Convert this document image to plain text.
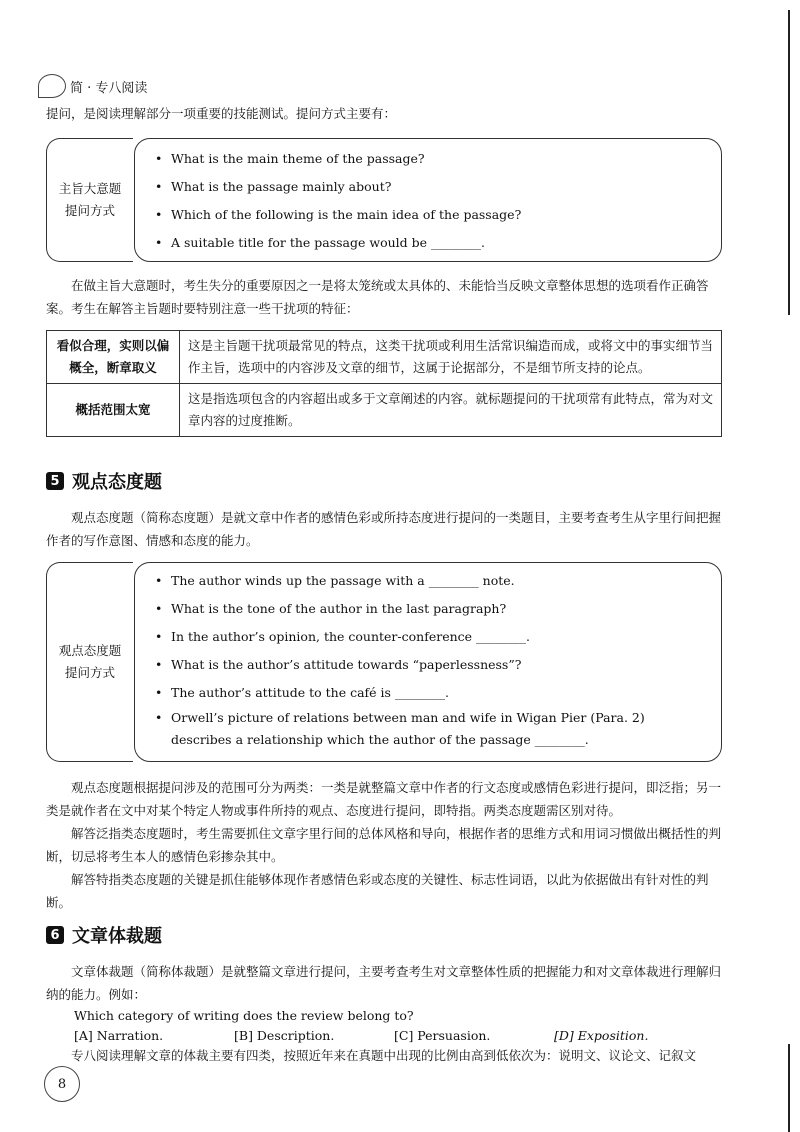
简 · 专八阅读
提问，是阅读理解部分一项重要的技能测试。提问方式主要有：
主旨大意题
提问方式
• What is the main theme of the passage?
• What is the passage mainly about?
• Which of the following is the main idea of the passage?
• A suitable title for the passage would be ________.
在做主旨大意题时，考生失分的重要原因之一是将太笼统或太具体的、未能恰当反映文章整体思想的选项看作正确答案。考生在解答主旨题时要特别注意一些干扰项的特征：
看似合理，实则以偏概全，断章取义	这是主旨题干扰项最常见的特点，这类干扰项或利用生活常识编造而成，或将文中的事实细节当作主旨，选项中的内容涉及文章的细节，这属于论据部分，不是细节所支持的论点。
概括范围太宽	这是指选项包含的内容超出或多于文章阐述的内容。就标题提问的干扰项常有此特点，常为对文章内容的过度推断。
5 观点态度题
观点态度题（简称态度题）是就文章中作者的感情色彩或所持态度进行提问的一类题目，主要考查考生从字里行间把握作者的写作意图、情感和态度的能力。
观点态度题
提问方式
• The author winds up the passage with a ________ note.
• What is the tone of the author in the last paragraph?
• In the author’s opinion, the counter-conference ________.
• What is the author’s attitude towards “paperlessness”?
• The author’s attitude to the café is ________.
• Orwell’s picture of relations between man and wife in Wigan Pier (Para. 2) describes a relationship which the author of the passage ________.
观点态度题根据提问涉及的范围可分为两类：一类是就整篇文章中作者的行文态度或感情色彩进行提问，即泛指；另一类是就作者在文中对某个特定人物或事件所持的观点、态度进行提问，即特指。两类态度题需区别对待。
解答泛指类态度题时，考生需要抓住文章字里行间的总体风格和导向，根据作者的思维方式和用词习惯做出概括性的判断，切忌将考生本人的感情色彩掺杂其中。
解答特指类态度题的关键是抓住能够体现作者感情色彩或态度的关键性、标志性词语，以此为依据做出有针对性的判断。
6 文章体裁题
文章体裁题（简称体裁题）是就整篇文章进行提问，主要考查考生对文章整体性质的把握能力和对文章体裁进行理解归纳的能力。例如：
Which category of writing does the review belong to?
[A] Narration.	[B] Description.	[C] Persuasion.	[D] Exposition.
专八阅读理解文章的体裁主要有四类，按照近年来在真题中出现的比例由高到低依次为：说明文、议论文、记叙文
8
